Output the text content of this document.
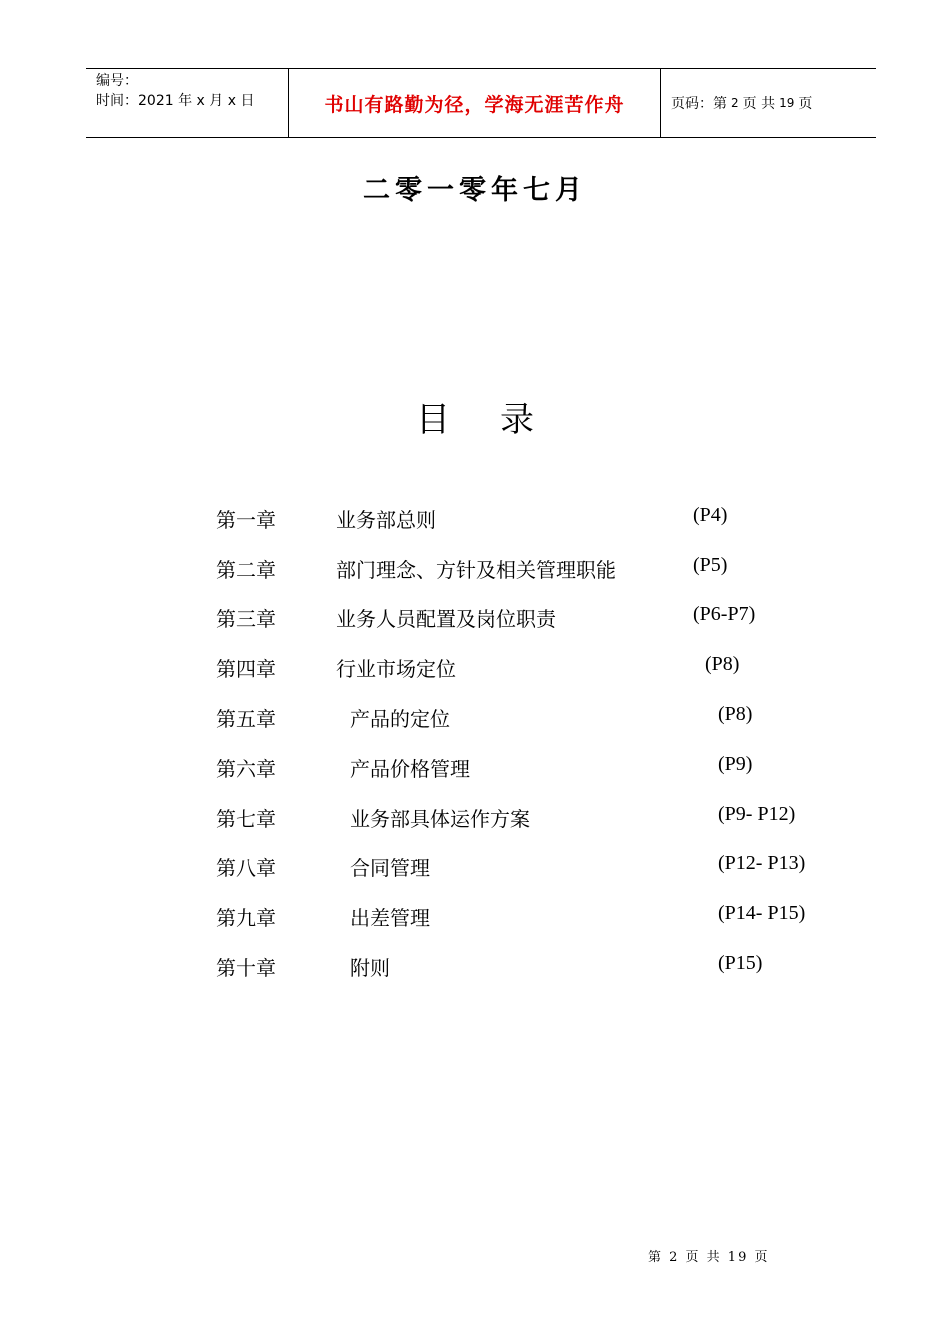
编号：
时间：2021 年 x 月 x 日	书山有路勤为径，学海无涯苦作舟	页码：第 2 页 共 19 页
二零一零年七月
目 录
第一章	业务部总则	(P4)
第二章	部门理念、方针及相关管理职能	(P5)
第三章	业务人员配置及岗位职责	(P6-P7)
第四章	行业市场定位	(P8)
第五章	产品的定位	(P8)
第六章	产品价格管理	(P9)
第七章	业务部具体运作方案	(P9- P12)
第八章	合同管理	(P12- P13)
第九章	出差管理	(P14- P15)
第十章	附则	(P15)
第 2 页 共 19 页
